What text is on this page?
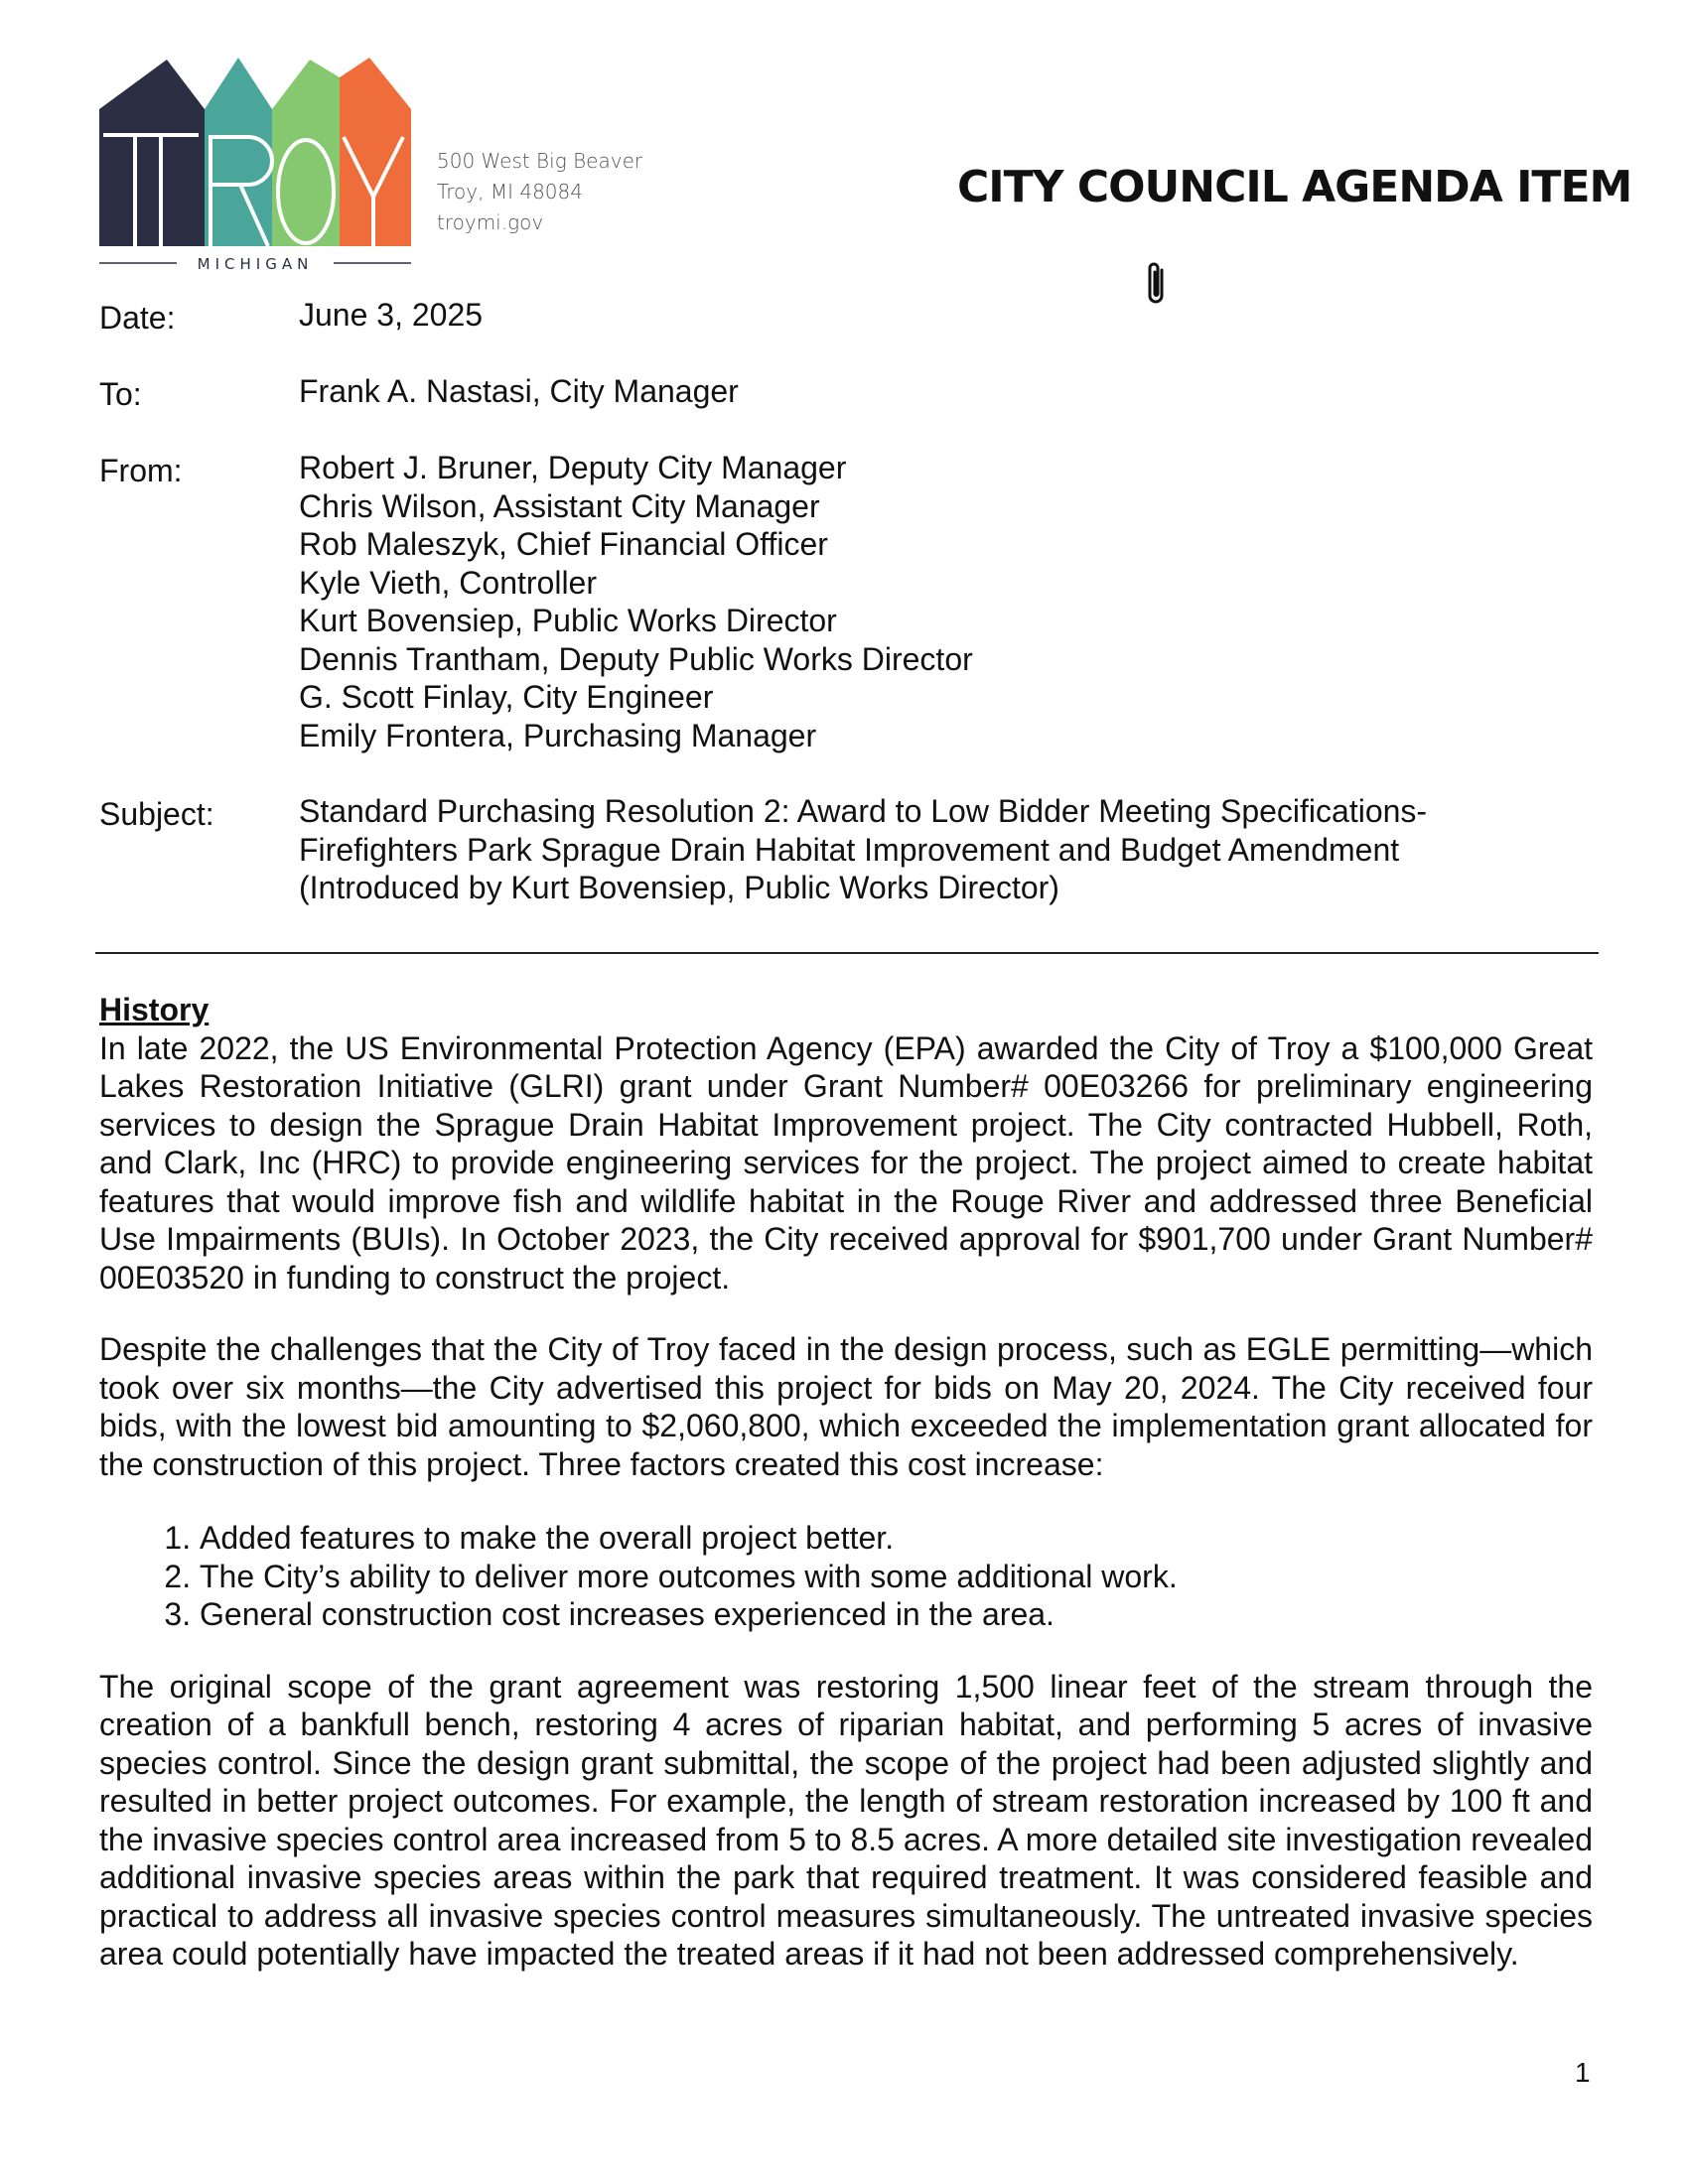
MICHIGAN
500 West Big Beaver
Troy, MI 48084
troymi.gov
CITY COUNCIL AGENDA ITEM
Date:	June 3, 2025
To:	Frank A. Nastasi, City Manager
From:	Robert J. Bruner, Deputy City Manager
Chris Wilson, Assistant City Manager
Rob Maleszyk, Chief Financial Officer
Kyle Vieth, Controller
Kurt Bovensiep, Public Works Director
Dennis Trantham, Deputy Public Works Director
G. Scott Finlay, City Engineer
Emily Frontera, Purchasing Manager
Subject:	Standard Purchasing Resolution 2: Award to Low Bidder Meeting Specifications-
Firefighters Park Sprague Drain Habitat Improvement and Budget Amendment
(Introduced by Kurt Bovensiep, Public Works Director)

History

In late 2022, the US Environmental Protection Agency (EPA) awarded the City of Troy a $100,000 Great Lakes Restoration Initiative (GLRI) grant under Grant Number# 00E03266 for preliminary engineering services to design the Sprague Drain Habitat Improvement project. The City contracted Hubbell, Roth, and Clark, Inc (HRC) to provide engineering services for the project. The project aimed to create habitat features that would improve fish and wildlife habitat in the Rouge River and addressed three Beneficial Use Impairments (BUIs). In October 2023, the City received approval for $901,700 under Grant Number# 00E03520 in funding to construct the project.

Despite the challenges that the City of Troy faced in the design process, such as EGLE permitting—which took over six months—the City advertised this project for bids on May 20, 2024. The City received four bids, with the lowest bid amounting to $2,060,800, which exceeded the implementation grant allocated for the construction of this project. Three factors created this cost increase:

1. Added features to make the overall project better.
2. The City’s ability to deliver more outcomes with some additional work.
3. General construction cost increases experienced in the area.

The original scope of the grant agreement was restoring 1,500 linear feet of the stream through the creation of a bankfull bench, restoring 4 acres of riparian habitat, and performing 5 acres of invasive species control. Since the design grant submittal, the scope of the project had been adjusted slightly and resulted in better project outcomes. For example, the length of stream restoration increased by 100 ft and the invasive species control area increased from 5 to 8.5 acres. A more detailed site investigation revealed additional invasive species areas within the park that required treatment. It was considered feasible and practical to address all invasive species control measures simultaneously. The untreated invasive species area could potentially have impacted the treated areas if it had not been addressed comprehensively.

1
